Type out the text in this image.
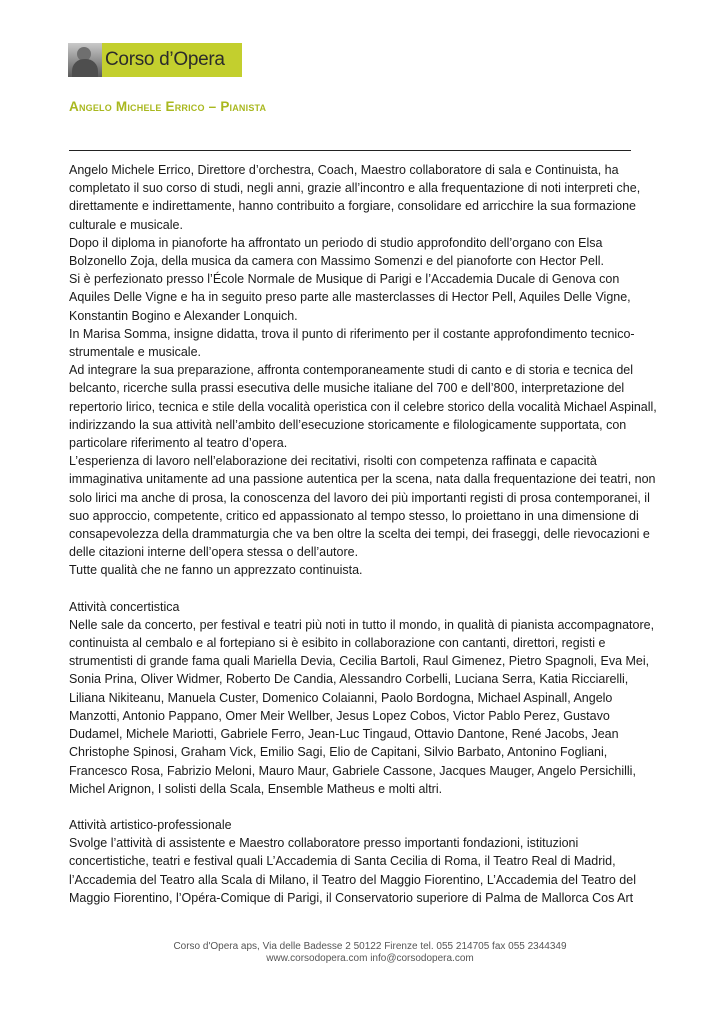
Corso d’Opera
Angelo Michele Errico – Pianista

Angelo Michele Errico, Direttore d’orchestra, Coach, Maestro collaboratore di sala e Continuista, ha completato il suo corso di studi, negli anni, grazie all’incontro e alla frequentazione di noti interpreti che, direttamente e indirettamente, hanno contribuito a forgiare, consolidare ed arricchire la sua formazione culturale e musicale.

Dopo il diploma in pianoforte ha affrontato un periodo di studio approfondito dell’organo con Elsa Bolzonello Zoja, della musica da camera con Massimo Somenzi e del pianoforte con Hector Pell.

Si è perfezionato presso l’École Normale de Musique di Parigi e l’Accademia Ducale di Genova con Aquiles Delle Vigne e ha in seguito preso parte alle masterclasses di Hector Pell, Aquiles Delle Vigne, Konstantin Bogino e Alexander Lonquich.

In Marisa Somma, insigne didatta, trova il punto di riferimento per il costante approfondimento tecnico-strumentale e musicale.

Ad integrare la sua preparazione, affronta contemporaneamente studi di canto e di storia e tecnica del belcanto, ricerche sulla prassi esecutiva delle musiche italiane del 700 e dell’800, interpretazione del repertorio lirico, tecnica e stile della vocalità operistica con il celebre storico della vocalità Michael Aspinall, indirizzando la sua attività nell’ambito dell’esecuzione storicamente e filologicamente supportata, con particolare riferimento al teatro d’opera.

L’esperienza di lavoro nell’elaborazione dei recitativi, risolti con competenza raffinata e capacità immaginativa unitamente ad una passione autentica per la scena, nata dalla frequentazione dei teatri, non solo lirici ma anche di prosa, la conoscenza del lavoro dei più importanti registi di prosa contemporanei, il suo approccio, competente, critico ed appassionato al tempo stesso, lo proiettano in una dimensione di consapevolezza della drammaturgia che va ben oltre la scelta dei tempi, dei fraseggi, delle rievocazioni e delle citazioni interne dell’opera stessa o dell’autore.

Tutte qualità che ne fanno un apprezzato continuista.

Attività concertistica

Nelle sale da concerto, per festival e teatri più noti in tutto il mondo, in qualità di pianista accompagnatore, continuista al cembalo e al fortepiano si è esibito in collaborazione con cantanti, direttori, registi e strumentisti di grande fama quali Mariella Devia, Cecilia Bartoli, Raul Gimenez, Pietro Spagnoli, Eva Mei, Sonia Prina, Oliver Widmer, Roberto De Candia, Alessandro Corbelli, Luciana Serra, Katia Ricciarelli, Liliana Nikiteanu, Manuela Custer, Domenico Colaianni, Paolo Bordogna, Michael Aspinall, Angelo Manzotti, Antonio Pappano, Omer Meir Wellber, Jesus Lopez Cobos, Victor Pablo Perez, Gustavo Dudamel, Michele Mariotti, Gabriele Ferro, Jean-Luc Tingaud, Ottavio Dantone, René Jacobs, Jean Christophe Spinosi, Graham Vick, Emilio Sagi, Elio de Capitani, Silvio Barbato, Antonino Fogliani, Francesco Rosa, Fabrizio Meloni, Mauro Maur, Gabriele Cassone, Jacques Mauger, Angelo Persichilli, Michel Arignon, I solisti della Scala, Ensemble Matheus e molti altri.

Attività artistico-professionale

Svolge l’attività di assistente e Maestro collaboratore presso importanti fondazioni, istituzioni concertistiche, teatri e festival quali L’Accademia di Santa Cecilia di Roma, il Teatro Real di Madrid, l’Accademia del Teatro alla Scala di Milano, il Teatro del Maggio Fiorentino, L’Accademia del Teatro del Maggio Fiorentino, l’Opéra-Comique di Parigi, il Conservatorio superiore di Palma de Mallorca Cos Art

Corso d'Opera aps, Via delle Badesse 2 50122 Firenze tel. 055 214705 fax 055 2344349
www.corsodopera.com info@corsodopera.com
